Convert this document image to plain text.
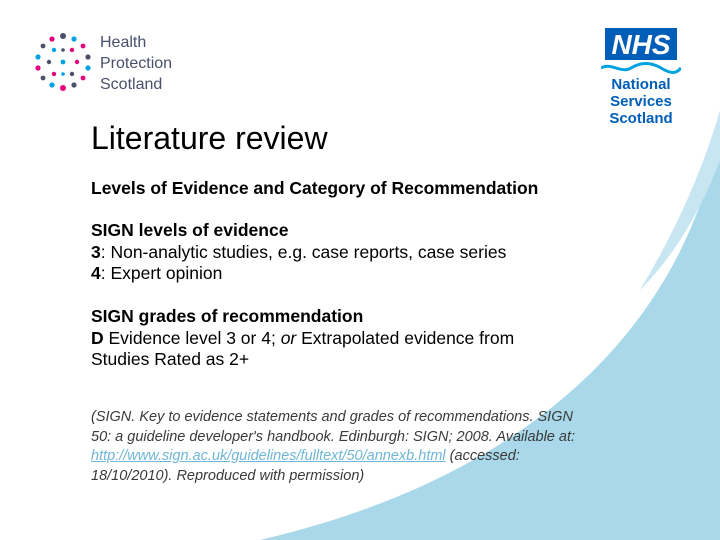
Health
Protection
Scotland
NHS
National
Services
Scotland
Literature review
Levels of Evidence and Category of Recommendation
SIGN levels of evidence
3: Non-analytic studies, e.g. case reports, case series
4: Expert opinion
SIGN grades of recommendation
D Evidence level 3 or 4; or Extrapolated evidence from
Studies Rated as 2+
(SIGN. Key to evidence statements and grades of recommendations. SIGN
50: a guideline developer's handbook. Edinburgh: SIGN; 2008. Available at:
http://www.sign.ac.uk/guidelines/fulltext/50/annexb.html (accessed:
18/10/2010). Reproduced with permission)
